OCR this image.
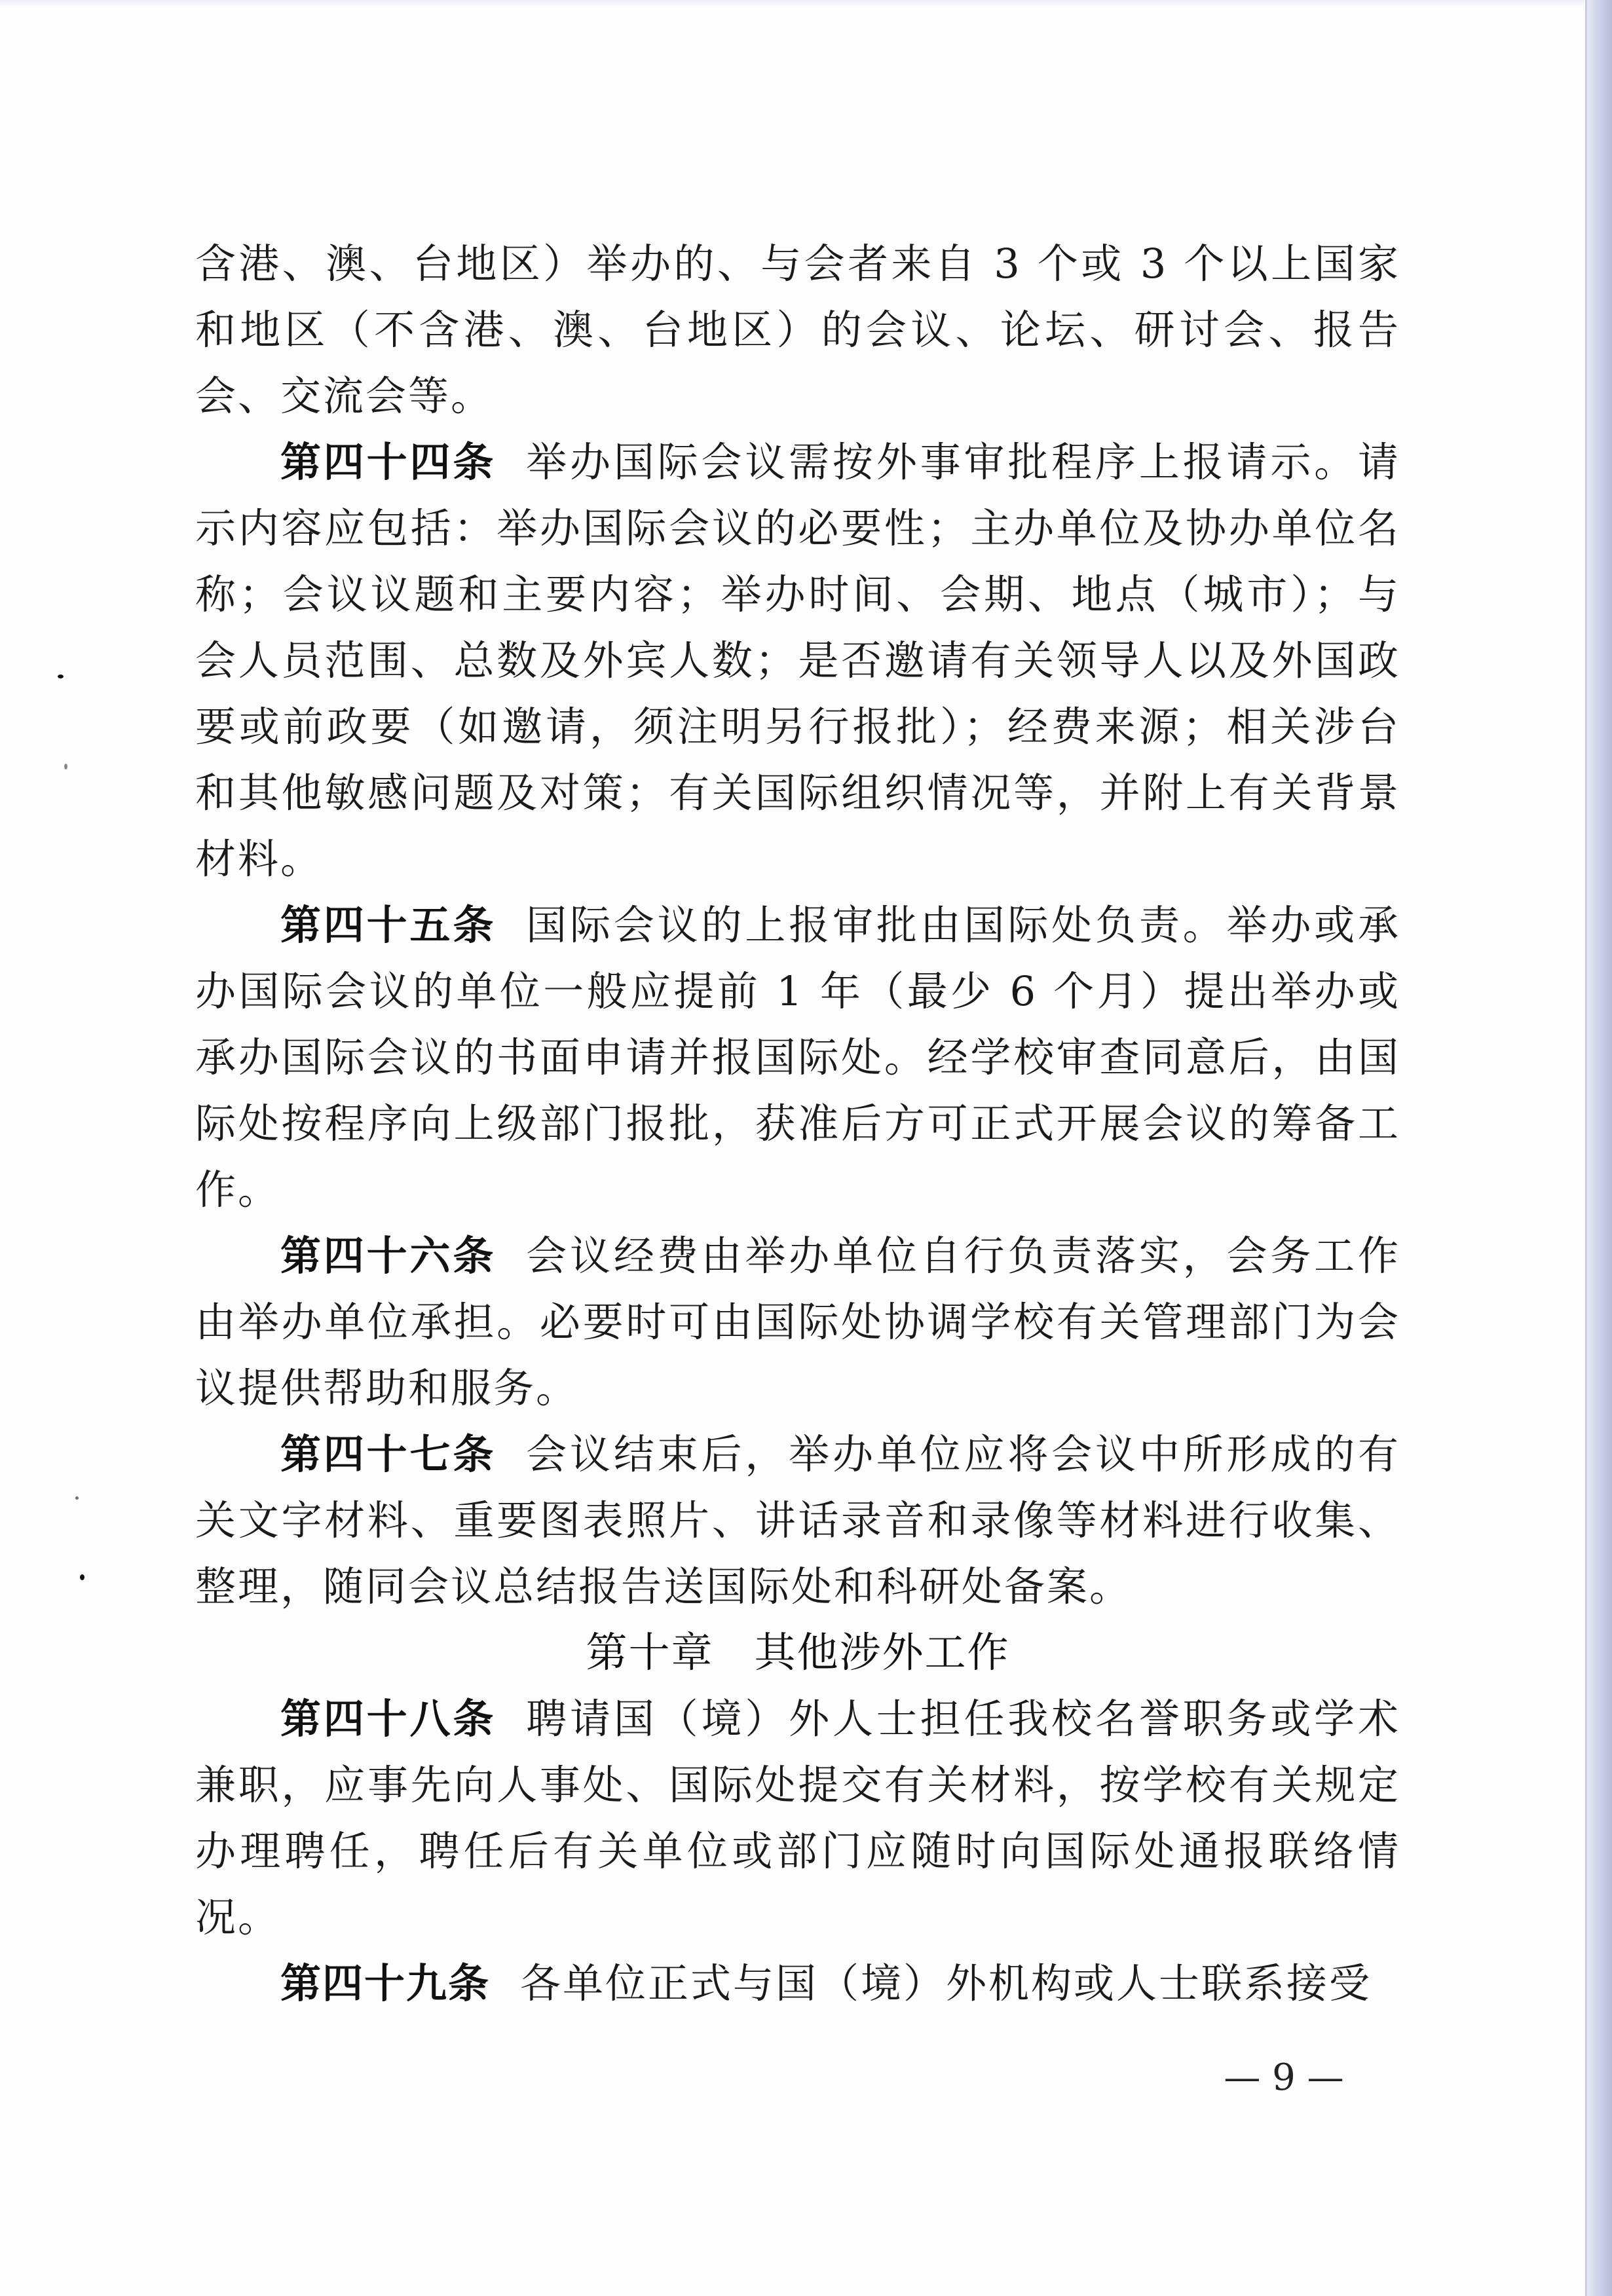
含港、澳、台地区）举办的、与会者来自 3 个或 3 个以上国家和地区（不含港、澳、台地区）的会议、论坛、研讨会、报告会、交流会等。

第四十四条 举办国际会议需按外事审批程序上报请示。请示内容应包括：举办国际会议的必要性；主办单位及协办单位名称；会议议题和主要内容；举办时间、会期、地点（城市）；与会人员范围、总数及外宾人数；是否邀请有关领导人以及外国政要或前政要（如邀请，须注明另行报批）；经费来源；相关涉台和其他敏感问题及对策；有关国际组织情况等，并附上有关背景材料。

第四十五条 国际会议的上报审批由国际处负责。举办或承办国际会议的单位一般应提前 1 年（最少 6 个月）提出举办或承办国际会议的书面申请并报国际处。经学校审查同意后，由国际处按程序向上级部门报批，获准后方可正式开展会议的筹备工作。

第四十六条 会议经费由举办单位自行负责落实，会务工作由举办单位承担。必要时可由国际处协调学校有关管理部门为会议提供帮助和服务。

第四十七条 会议结束后，举办单位应将会议中所形成的有关文字材料、重要图表照片、讲话录音和录像等材料进行收集、整理，随同会议总结报告送国际处和科研处备案。

第十章 其他涉外工作

第四十八条 聘请国（境）外人士担任我校名誉职务或学术兼职，应事先向人事处、国际处提交有关材料，按学校有关规定办理聘任，聘任后有关单位或部门应随时向国际处通报联络情况。

第四十九条 各单位正式与国（境）外机构或人士联系接受

— 9 —
